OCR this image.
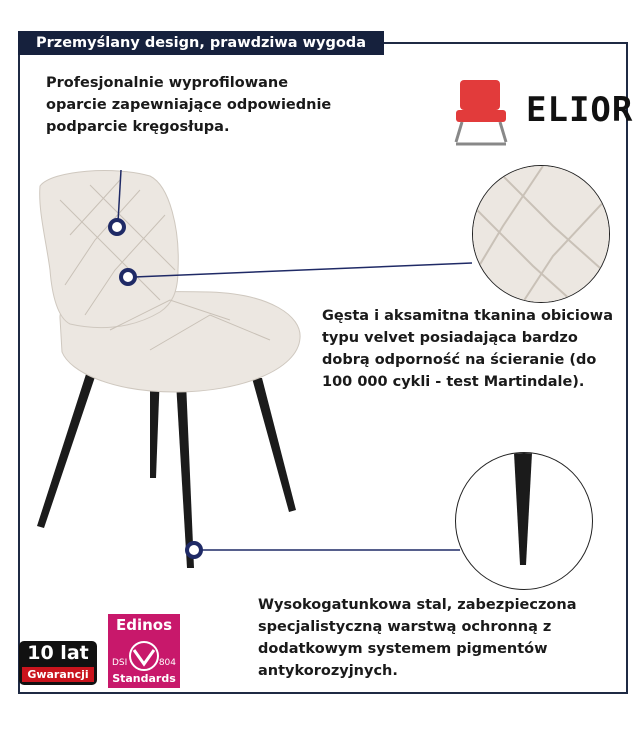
Przemyślany design, prawdziwa wygoda
Profesjonalnie wyprofilowane oparcie zapewniające odpowiednie podparcie kręgosłupa.
Gęsta i aksamitna tkanina obiciowa typu velvet posiadająca bardzo dobrą odporność na ścieranie (do 100 000 cykli - test Martindale).
Wysokogatunkowa stal, zabezpieczona specjalistyczną warstwą ochronną z dodatkowym systemem pigmentów antykorozyjnych.
ELIOR
10 lat
Gwarancji
Edinos
DSI	804
Standards
